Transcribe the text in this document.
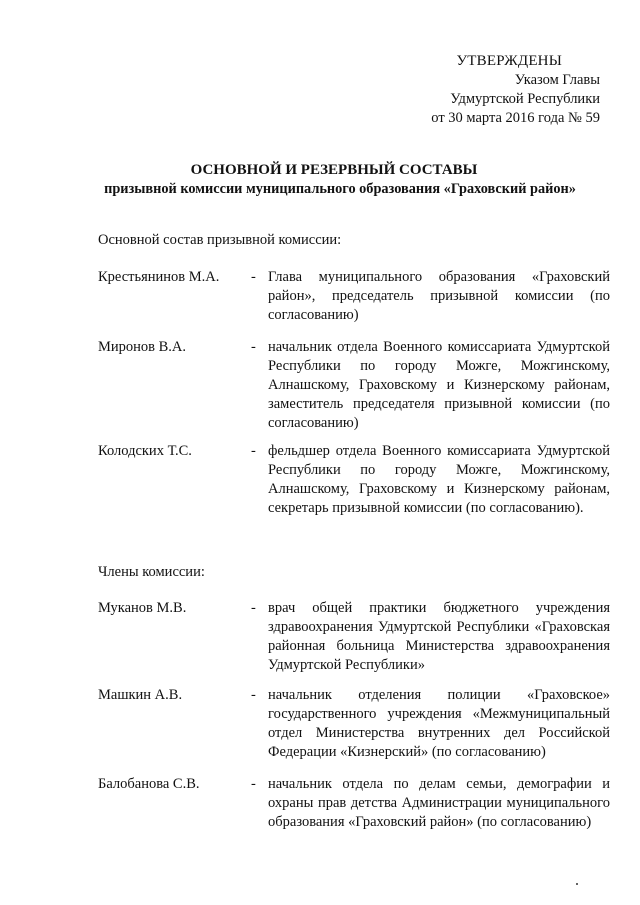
УТВЕРЖДЕНЫ
Указом Главы
Удмуртской Республики
от 30 марта 2016 года № 59
ОСНОВНОЙ И РЕЗЕРВНЫЙ СОСТАВЫ
призывной комиссии муниципального образования «Граховский район»
Основной состав призывной комиссии:
Крестьянинов М.А. - Глава муниципального образования «Граховский район», председатель призывной комиссии (по согласованию)
Миронов В.А.	- начальник отдела Военного комиссариата Удмуртской Республики по городу Можге, Можгинскому, Алнашскому, Граховскому и Кизнерскому районам, заместитель председателя призывной комиссии (по согласованию)
Колодских Т.С.	- фельдшер отдела Военного комиссариата Удмуртской Республики по городу Можге, Можгинскому, Алнашскому, Граховскому и Кизнерскому районам, секретарь призывной комиссии (по согласованию).
Члены комиссии:
Муканов М.В.	- врач общей практики бюджетного учреждения здравоохранения Удмуртской Республики «Граховская районная больница Министерства здравоохранения Удмуртской Республики»
Машкин А.В.	- начальник отделения полиции «Граховское» государственного учреждения «Межмуниципальный отдел Министерства внутренних дел Российской Федерации «Кизнерский» (по согласованию)
Балобанова С.В.	- начальник отдела по делам семьи, демографии и охраны прав детства Администрации муниципального образования «Граховский район» (по согласованию)
